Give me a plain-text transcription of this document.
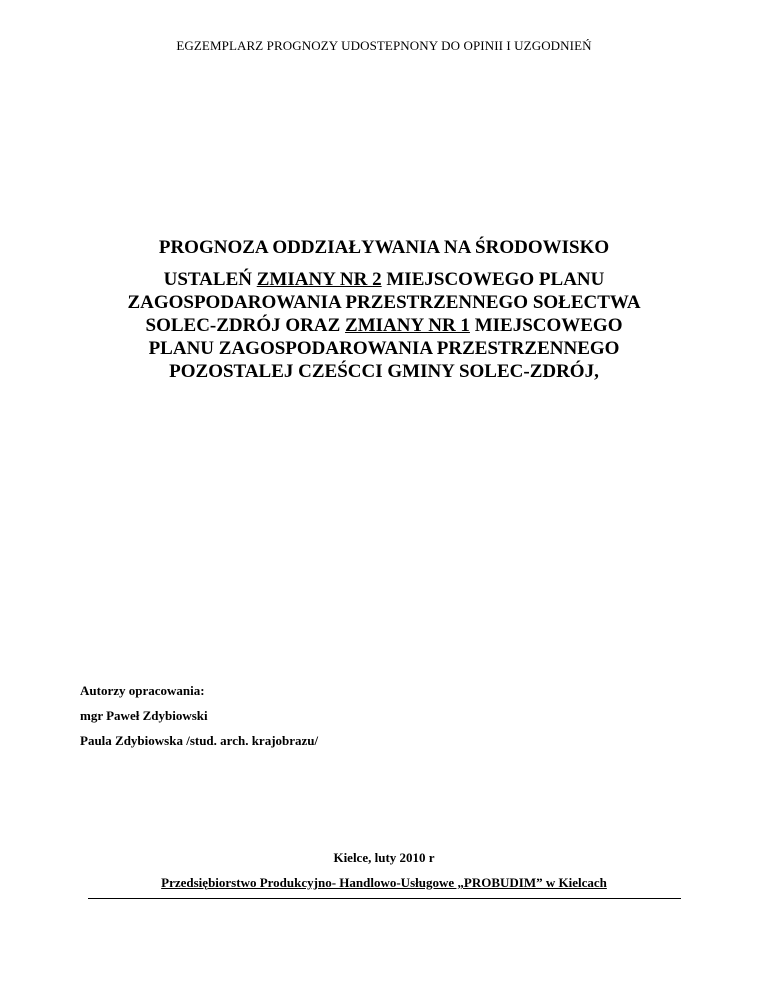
EGZEMPLARZ PROGNOZY UDOSTEPNONY DO OPINII I UZGODNIEŃ
PROGNOZA ODDZIAŁYWANIA NA ŚRODOWISKO
USTALEŃ ZMIANY NR 2 MIEJSCOWEGO PLANU
ZAGOSPODAROWANIA PRZESTRZENNEGO SOŁECTWA
SOLEC-ZDRÓJ ORAZ ZMIANY NR 1 MIEJSCOWEGO
PLANU ZAGOSPODAROWANIA PRZESTRZENNEGO
POZOSTALEJ CZEŚCCI GMINY SOLEC-ZDRÓJ,
Autorzy opracowania:
mgr Paweł Zdybiowski
Paula Zdybiowska /stud. arch. krajobrazu/
Kielce, luty 2010 r
Przedsiębiorstwo Produkcyjno- Handlowo-Usługowe „PROBUDIM” w Kielcach
